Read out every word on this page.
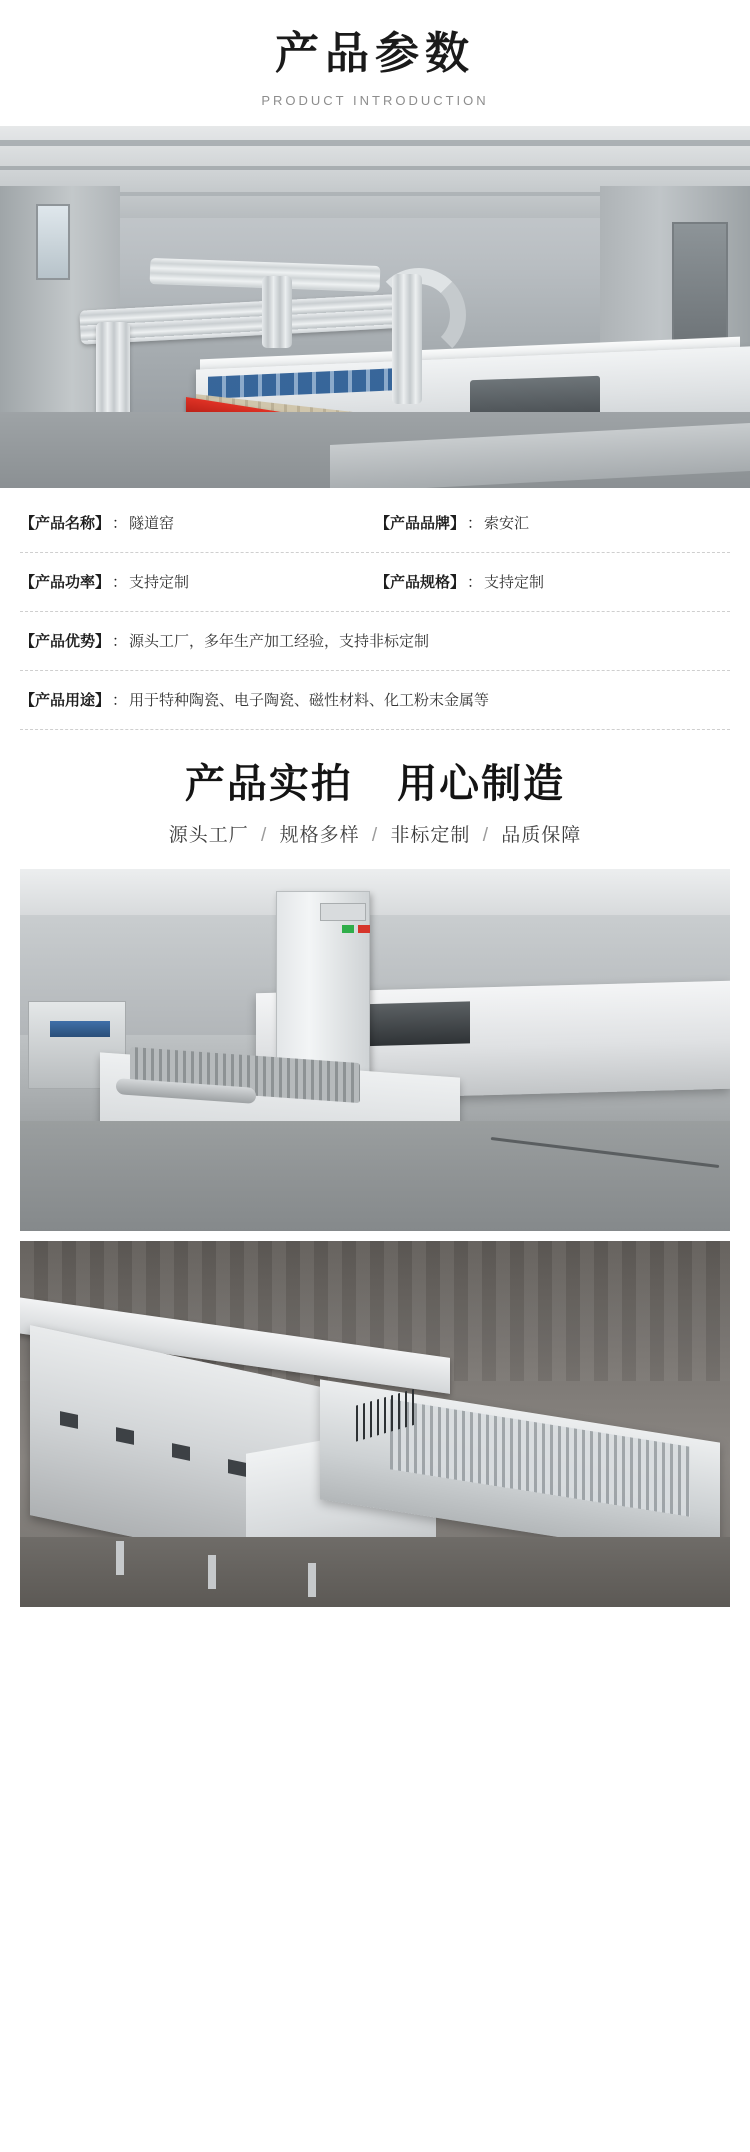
产品参数
PRODUCT INTRODUCTION
【产品名称】 ： 隧道窑	【产品品牌】 ： 索安汇
【产品功率】 ： 支持定制	【产品规格】 ： 支持定制
【产品优势】 ： 源头工厂，多年生产加工经验，支持非标定制
【产品用途】 ： 用于特种陶瓷、电子陶瓷、磁性材料、化工粉末金属等
产品实拍 用心制造
源头工厂 / 规格多样 / 非标定制 / 品质保障
